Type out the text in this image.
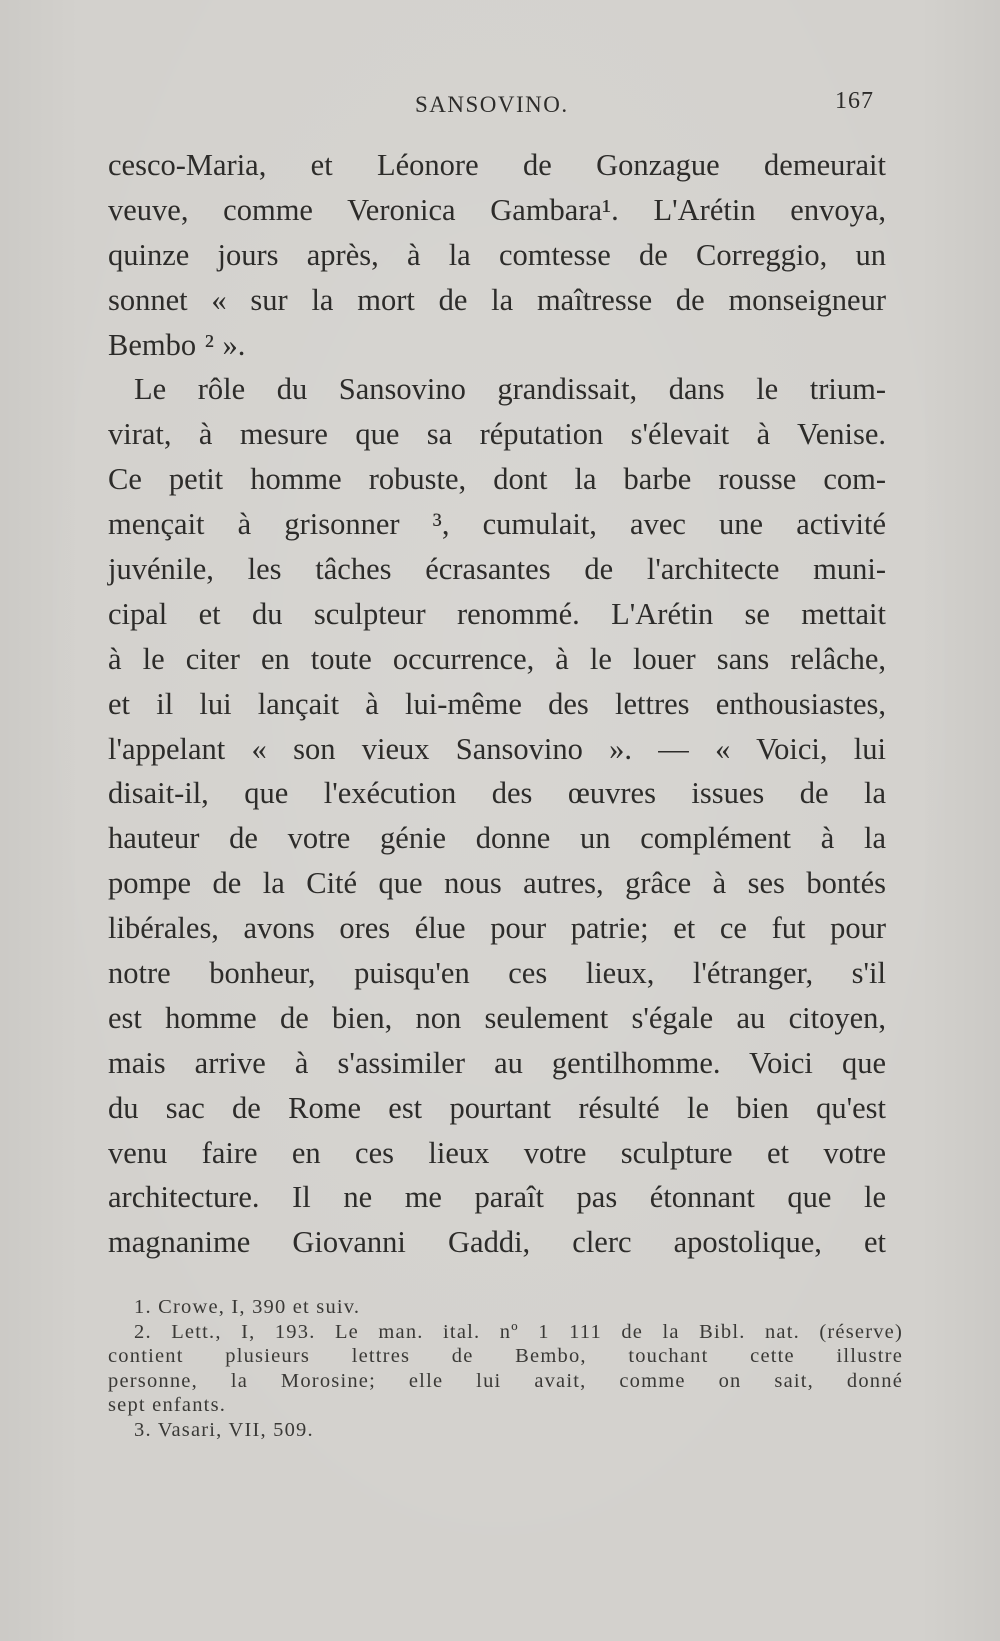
SANSOVINO.	167
cesco-Maria, et Léonore de Gonzague demeurait
veuve, comme Veronica Gambara¹. L'Arétin envoya,
quinze jours après, à la comtesse de Correggio, un
sonnet « sur la mort de la maîtresse de monseigneur
Bembo ² ».
Le rôle du Sansovino grandissait, dans le trium-
virat, à mesure que sa réputation s'élevait à Venise.
Ce petit homme robuste, dont la barbe rousse com-
mençait à grisonner ³, cumulait, avec une activité
juvénile, les tâches écrasantes de l'architecte muni-
cipal et du sculpteur renommé. L'Arétin se mettait
à le citer en toute occurrence, à le louer sans relâche,
et il lui lançait à lui-même des lettres enthousiastes,
l'appelant « son vieux Sansovino ». — « Voici, lui
disait-il, que l'exécution des œuvres issues de la
hauteur de votre génie donne un complément à la
pompe de la Cité que nous autres, grâce à ses bontés
libérales, avons ores élue pour patrie; et ce fut pour
notre bonheur, puisqu'en ces lieux, l'étranger, s'il
est homme de bien, non seulement s'égale au citoyen,
mais arrive à s'assimiler au gentilhomme. Voici que
du sac de Rome est pourtant résulté le bien qu'est
venu faire en ces lieux votre sculpture et votre
architecture. Il ne me paraît pas étonnant que le
magnanime Giovanni Gaddi, clerc apostolique, et
1. Crowe, I, 390 et suiv.
2. Lett., I, 193. Le man. ital. nº 1 111 de la Bibl. nat. (réserve)
contient plusieurs lettres de Bembo, touchant cette illustre
personne, la Morosine; elle lui avait, comme on sait, donné
sept enfants.
3. Vasari, VII, 509.
